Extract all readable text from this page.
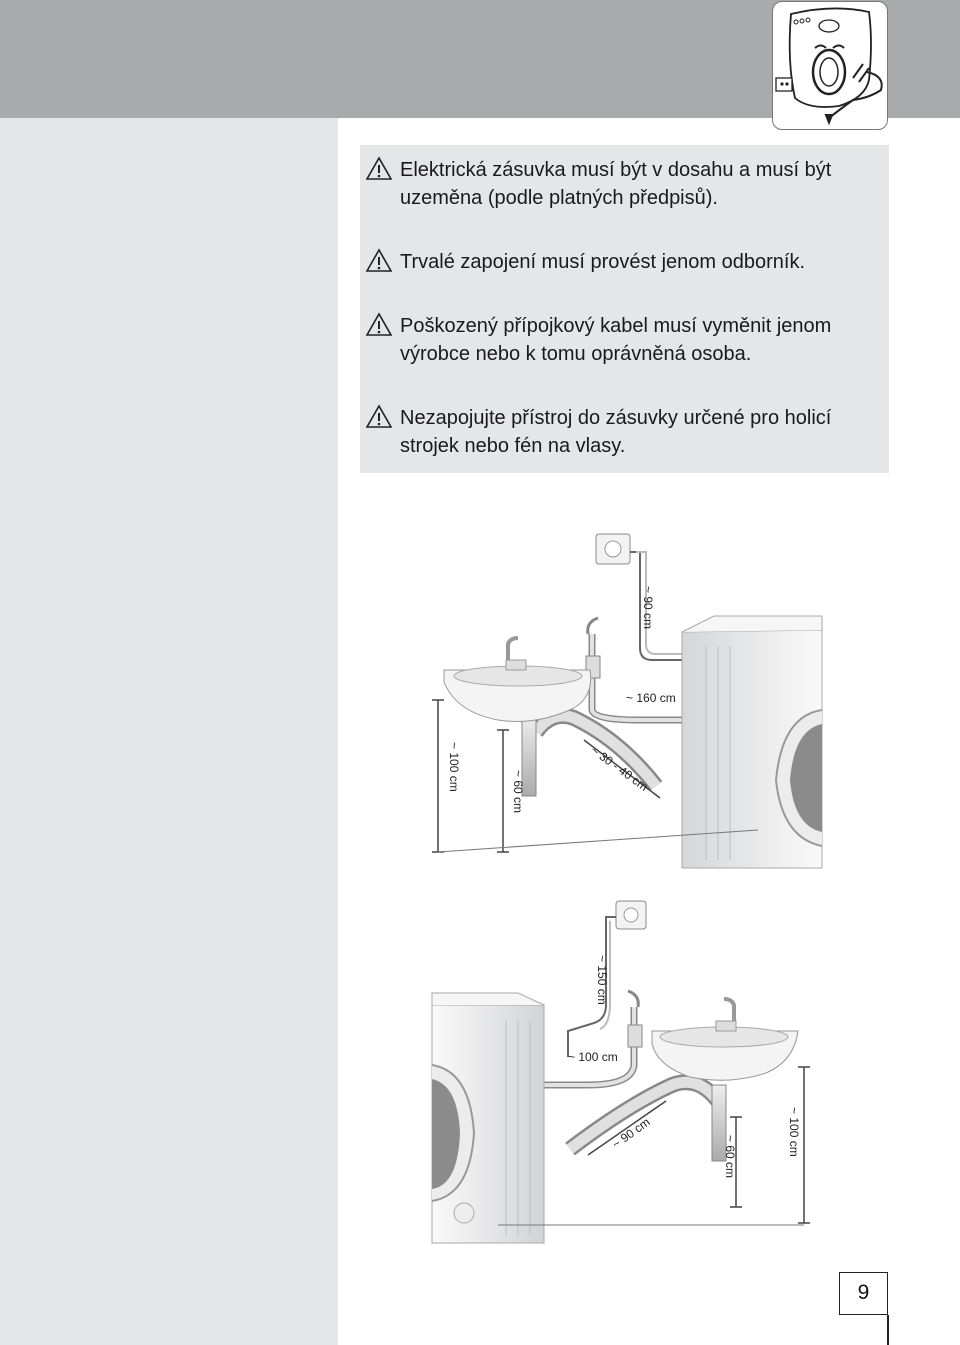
Elektrická zásuvka musí být v dosahu a musí být uzeměna (podle platných předpisů).
Trvalé zapojení musí provést jenom odborník.
Poškozený přípojkový kabel musí vyměnit jenom výrobce nebo k tomu oprávněná osoba.
Nezapojujte přístroj do zásuvky určené pro holicí strojek nebo fén na vlasy.
~ 90 cm
~ 160 cm
~ 30 - 40 cm
~ 100 cm	~ 60 cm
~ 150 cm
~ 100 cm
~ 90 cm
~ 60 cm	~ 100 cm
9
